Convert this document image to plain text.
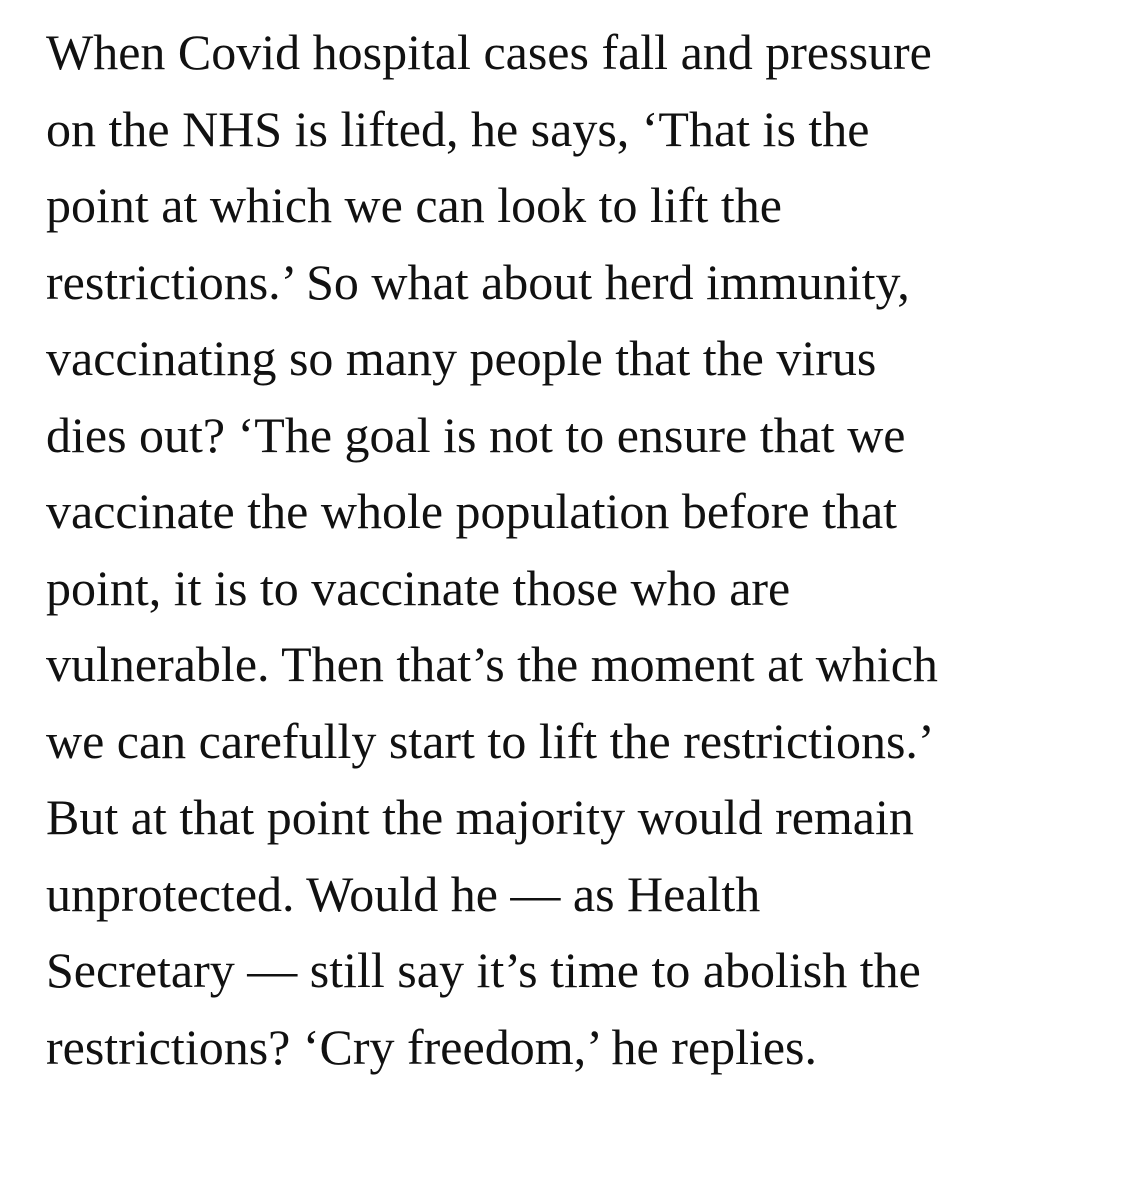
When Covid hospital cases fall and pressure
on the NHS is lifted, he says, ‘That is the
point at which we can look to lift the
restrictions.’ So what about herd immunity,
vaccinating so many people that the virus
dies out? ‘The goal is not to ensure that we
vaccinate the whole population before that
point, it is to vaccinate those who are
vulnerable. Then that’s the moment at which
we can carefully start to lift the restrictions.’
But at that point the majority would remain
unprotected. Would he — as Health
Secretary — still say it’s time to abolish the
restrictions? ‘Cry freedom,’ he replies.
